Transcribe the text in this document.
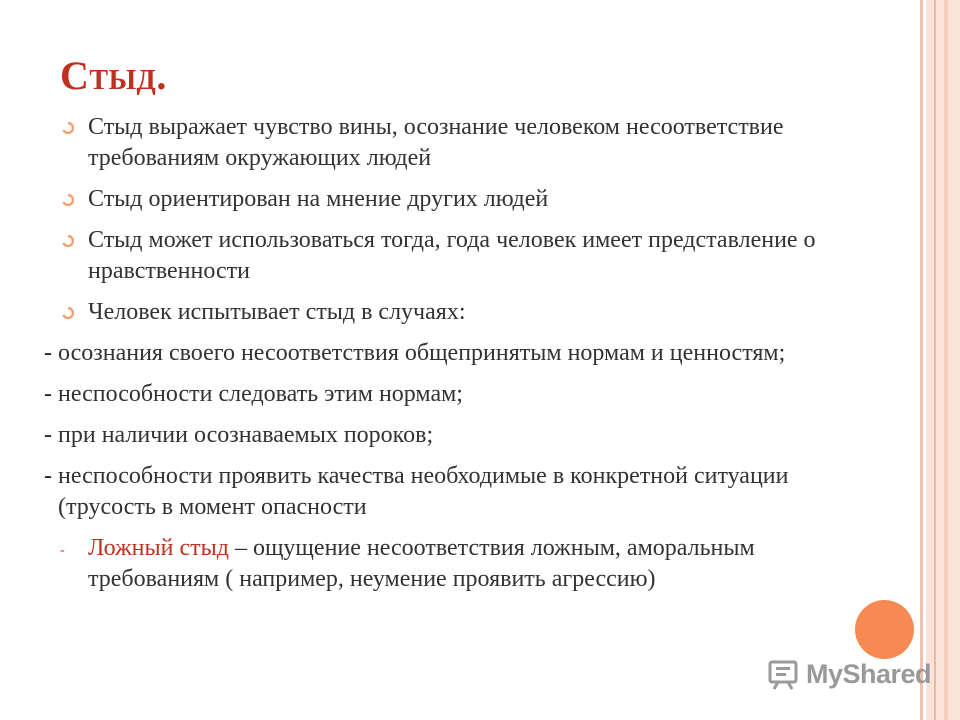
Стыд.
Стыд выражает чувство вины, осознание человеком несоответствие требованиям окружающих людей
Стыд ориентирован на мнение других людей
Стыд может использоваться тогда, года человек имеет представление о нравственности
Человек испытывает стыд в случаях:
- осознания своего несоответствия общепринятым нормам и ценностям;
- неспособности следовать этим нормам;
- при наличии осознаваемых пороков;
- неспособности проявить качества необходимые в конкретной ситуации (трусость в момент опасности
- Ложный стыд – ощущение несоответствия ложным, аморальным требованиям ( например, неумение проявить агрессию)
MyShared
